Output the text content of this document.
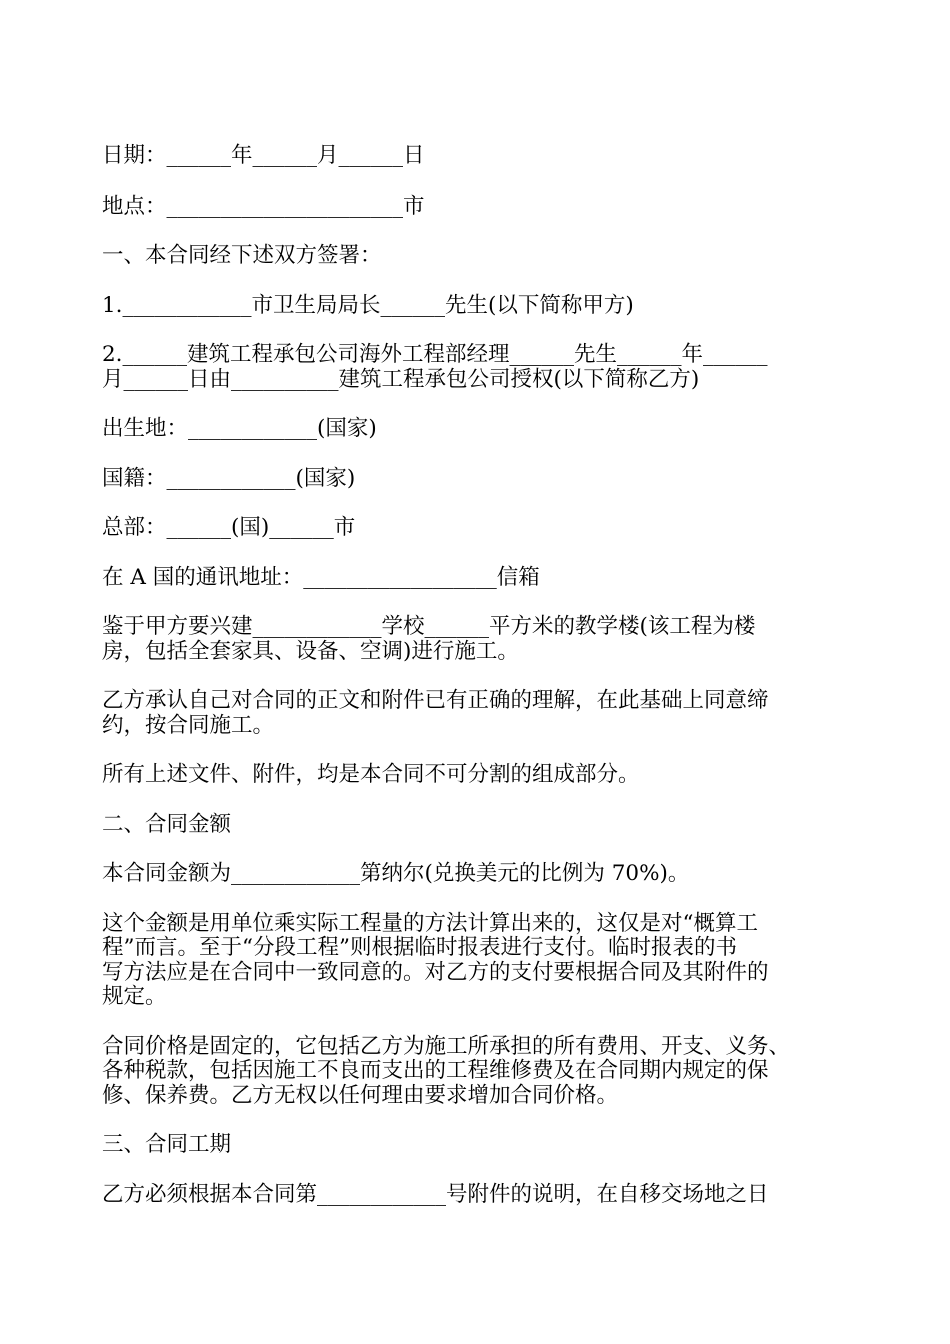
日期：______年______月______日

地点：______________________市

一、本合同经下述双方签署：

1.____________市卫生局局长______先生(以下简称甲方)

2.______建筑工程承包公司海外工程部经理______先生______年______
月______日由__________建筑工程承包公司授权(以下简称乙方)

出生地：____________(国家)

国籍：____________(国家)

总部：______(国)______市

在 A 国的通讯地址：__________________信箱

鉴于甲方要兴建____________学校______平方米的教学楼(该工程为楼
房，包括全套家具、设备、空调)进行施工。

乙方承认自己对合同的正文和附件已有正确的理解，在此基础上同意缔
约，按合同施工。

所有上述文件、附件，均是本合同不可分割的组成部分。

二、合同金额

本合同金额为____________第纳尔(兑换美元的比例为 70%)。

这个金额是用单位乘实际工程量的方法计算出来的，这仅是对“概算工
程”而言。至于“分段工程”则根据临时报表进行支付。临时报表的书
写方法应是在合同中一致同意的。对乙方的支付要根据合同及其附件的
规定。

合同价格是固定的，它包括乙方为施工所承担的所有费用、开支、义务、
各种税款，包括因施工不良而支出的工程维修费及在合同期内规定的保
修、保养费。乙方无权以任何理由要求增加合同价格。

三、合同工期

乙方必须根据本合同第____________号附件的说明，在自移交场地之日
